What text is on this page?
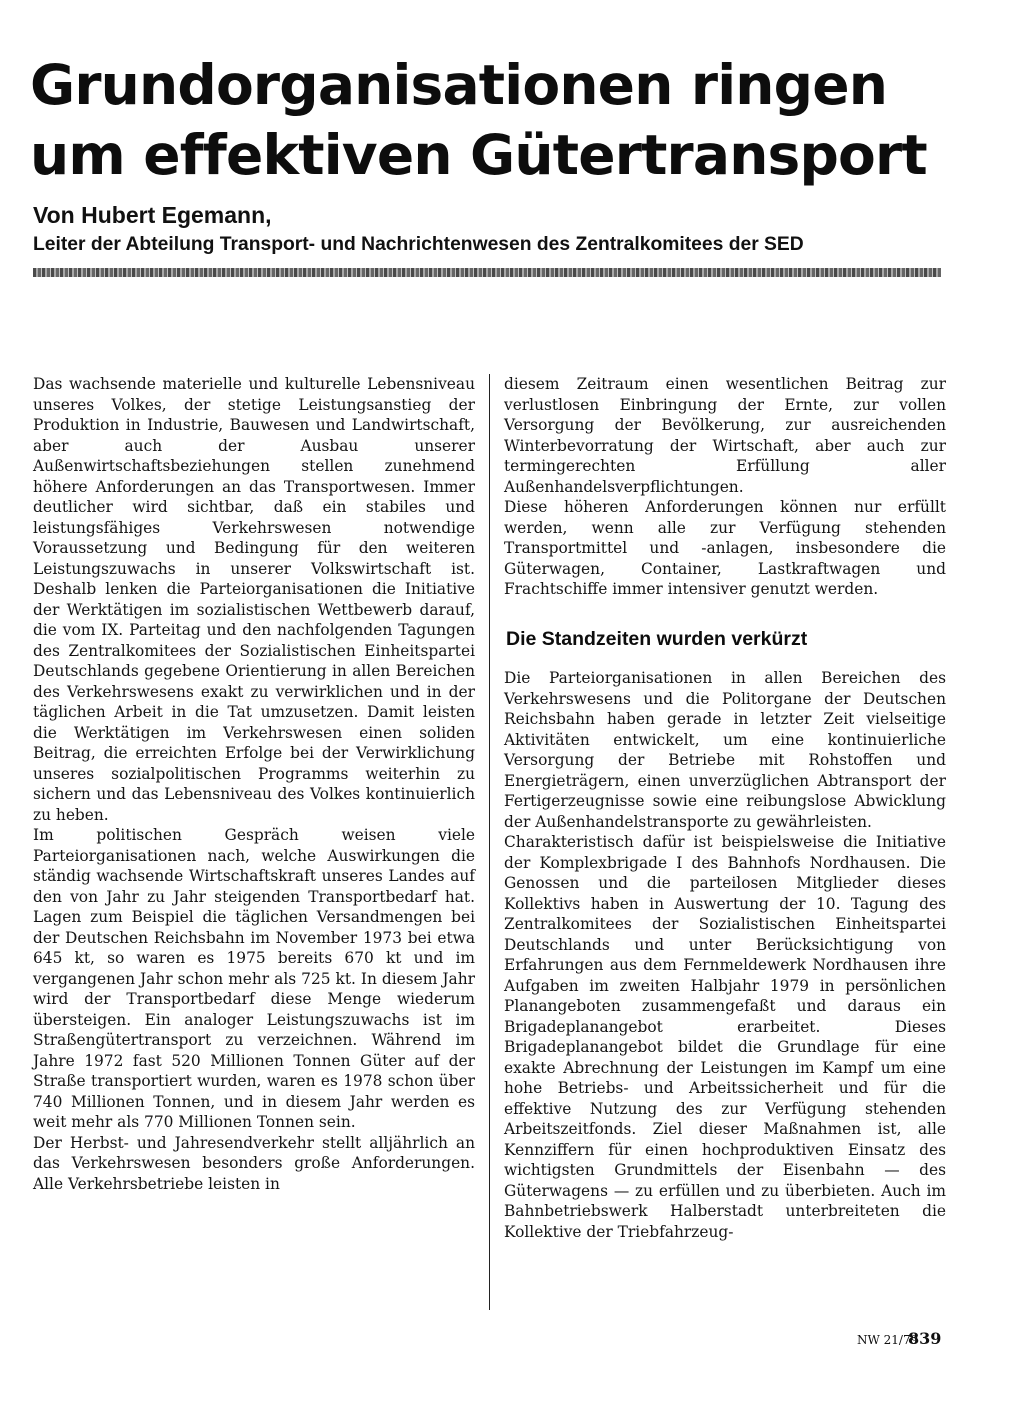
Grundorganisationen ringen um effektiven Gütertransport
Von Hubert Egemann,
Leiter der Abteilung Transport- und Nachrichtenwesen des Zentralkomitees der SED

Das wachsende materielle und kulturelle Lebensniveau unseres Volkes, der stetige Leistungsanstieg der Produktion in Industrie, Bauwesen und Landwirtschaft, aber auch der Ausbau unserer Außenwirtschaftsbeziehungen stellen zunehmend höhere Anforderungen an das Transportwesen. Immer deutlicher wird sichtbar, daß ein stabiles und leistungsfähiges Verkehrswesen notwendige Voraussetzung und Bedingung für den weiteren Leistungszuwachs in unserer Volkswirtschaft ist. Deshalb lenken die Parteiorganisationen die Initiative der Werktätigen im sozialistischen Wettbewerb darauf, die vom IX. Parteitag und den nachfolgenden Tagungen des Zentralkomitees der Sozialistischen Einheitspartei Deutschlands gegebene Orientierung in allen Bereichen des Verkehrswesens exakt zu verwirklichen und in der täglichen Arbeit in die Tat umzusetzen. Damit leisten die Werktätigen im Verkehrswesen einen soliden Beitrag, die erreichten Erfolge bei der Verwirklichung unseres sozialpolitischen Programms weiterhin zu sichern und das Lebensniveau des Volkes kontinuierlich zu heben.

Im politischen Gespräch weisen viele Parteiorganisationen nach, welche Auswirkungen die ständig wachsende Wirtschaftskraft unseres Landes auf den von Jahr zu Jahr steigenden Transportbedarf hat. Lagen zum Beispiel die täglichen Versandmengen bei der Deutschen Reichsbahn im November 1973 bei etwa 645 kt, so waren es 1975 bereits 670 kt und im vergangenen Jahr schon mehr als 725 kt. In diesem Jahr wird der Transportbedarf diese Menge wiederum übersteigen. Ein analoger Leistungszuwachs ist im Straßengütertransport zu verzeichnen. Während im Jahre 1972 fast 520 Millionen Tonnen Güter auf der Straße transportiert wurden, waren es 1978 schon über 740 Millionen Tonnen, und in diesem Jahr werden es weit mehr als 770 Millionen Tonnen sein.

Der Herbst- und Jahresendverkehr stellt alljährlich an das Verkehrswesen besonders große Anforderungen. Alle Verkehrsbetriebe leisten in

diesem Zeitraum einen wesentlichen Beitrag zur verlustlosen Einbringung der Ernte, zur vollen Versorgung der Bevölkerung, zur ausreichenden Winterbevorratung der Wirtschaft, aber auch zur termingerechten Erfüllung aller Außenhandelsverpflichtungen.

Diese höheren Anforderungen können nur erfüllt werden, wenn alle zur Verfügung stehenden Transportmittel und -anlagen, insbesondere die Güterwagen, Container, Lastkraftwagen und Frachtschiffe immer intensiver genutzt werden.

Die Standzeiten wurden verkürzt

Die Parteiorganisationen in allen Bereichen des Verkehrswesens und die Politorgane der Deutschen Reichsbahn haben gerade in letzter Zeit vielseitige Aktivitäten entwickelt, um eine kontinuierliche Versorgung der Betriebe mit Rohstoffen und Energieträgern, einen unverzüglichen Abtransport der Fertigerzeugnisse sowie eine reibungslose Abwicklung der Außenhandelstransporte zu gewährleisten.

Charakteristisch dafür ist beispielsweise die Initiative der Komplexbrigade I des Bahnhofs Nordhausen. Die Genossen und die parteilosen Mitglieder dieses Kollektivs haben in Auswertung der 10. Tagung des Zentralkomitees der Sozialistischen Einheitspartei Deutschlands und unter Berücksichtigung von Erfahrungen aus dem Fernmeldewerk Nordhausen ihre Aufgaben im zweiten Halbjahr 1979 in persönlichen Planangeboten zusammengefaßt und daraus ein Brigadeplanangebot erarbeitet. Dieses Brigadeplanangebot bildet die Grundlage für eine exakte Abrechnung der Leistungen im Kampf um eine hohe Betriebs- und Arbeitssicherheit und für die effektive Nutzung des zur Verfügung stehenden Arbeitszeitfonds. Ziel dieser Maßnahmen ist, alle Kennziffern für einen hochproduktiven Einsatz des wichtigsten Grundmittels der Eisenbahn — des Güterwagens — zu erfüllen und zu überbieten. Auch im Bahnbetriebswerk Halberstadt unterbreiteten die Kollektive der Triebfahrzeug-

NW 21/79
839
